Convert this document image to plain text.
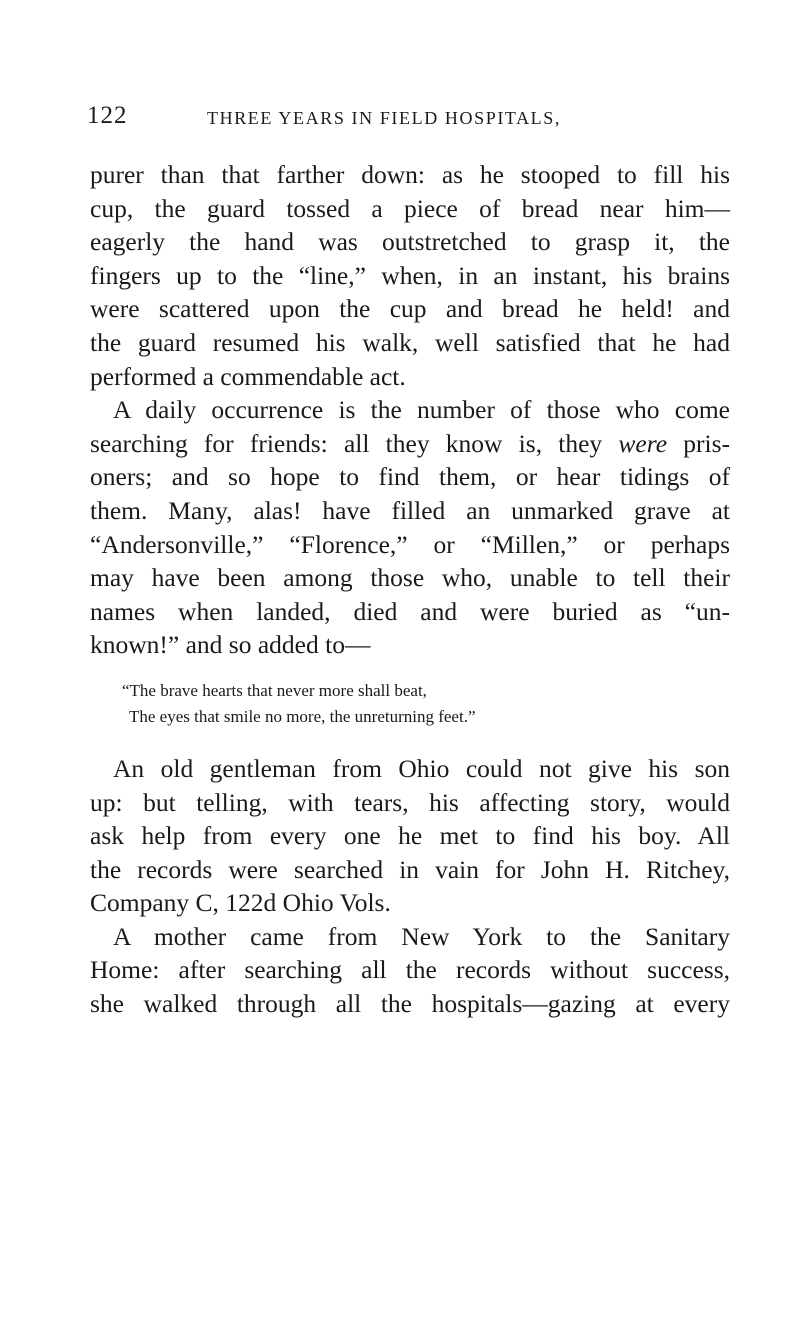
122	THREE YEARS IN FIELD HOSPITALS,

purer than that farther down: as he stooped to fill his
cup, the guard tossed a piece of bread near him—
eagerly the hand was outstretched to grasp it, the
fingers up to the “line,” when, in an instant, his brains
were scattered upon the cup and bread he held! and
the guard resumed his walk, well satisfied that he had
performed a commendable act.

A daily occurrence is the number of those who come
searching for friends: all they know is, they were pris-
oners; and so hope to find them, or hear tidings of
them. Many, alas! have filled an unmarked grave at
“Andersonville,” “Florence,” or “Millen,” or perhaps
may have been among those who, unable to tell their
names when landed, died and were buried as “un-
known!” and so added to—

“The brave hearts that never more shall beat,
The eyes that smile no more, the unreturning feet.”

An old gentleman from Ohio could not give his son
up: but telling, with tears, his affecting story, would
ask help from every one he met to find his boy. All
the records were searched in vain for John H. Ritchey,
Company C, 122d Ohio Vols.

A mother came from New York to the Sanitary
Home: after searching all the records without success,
she walked through all the hospitals—gazing at every
